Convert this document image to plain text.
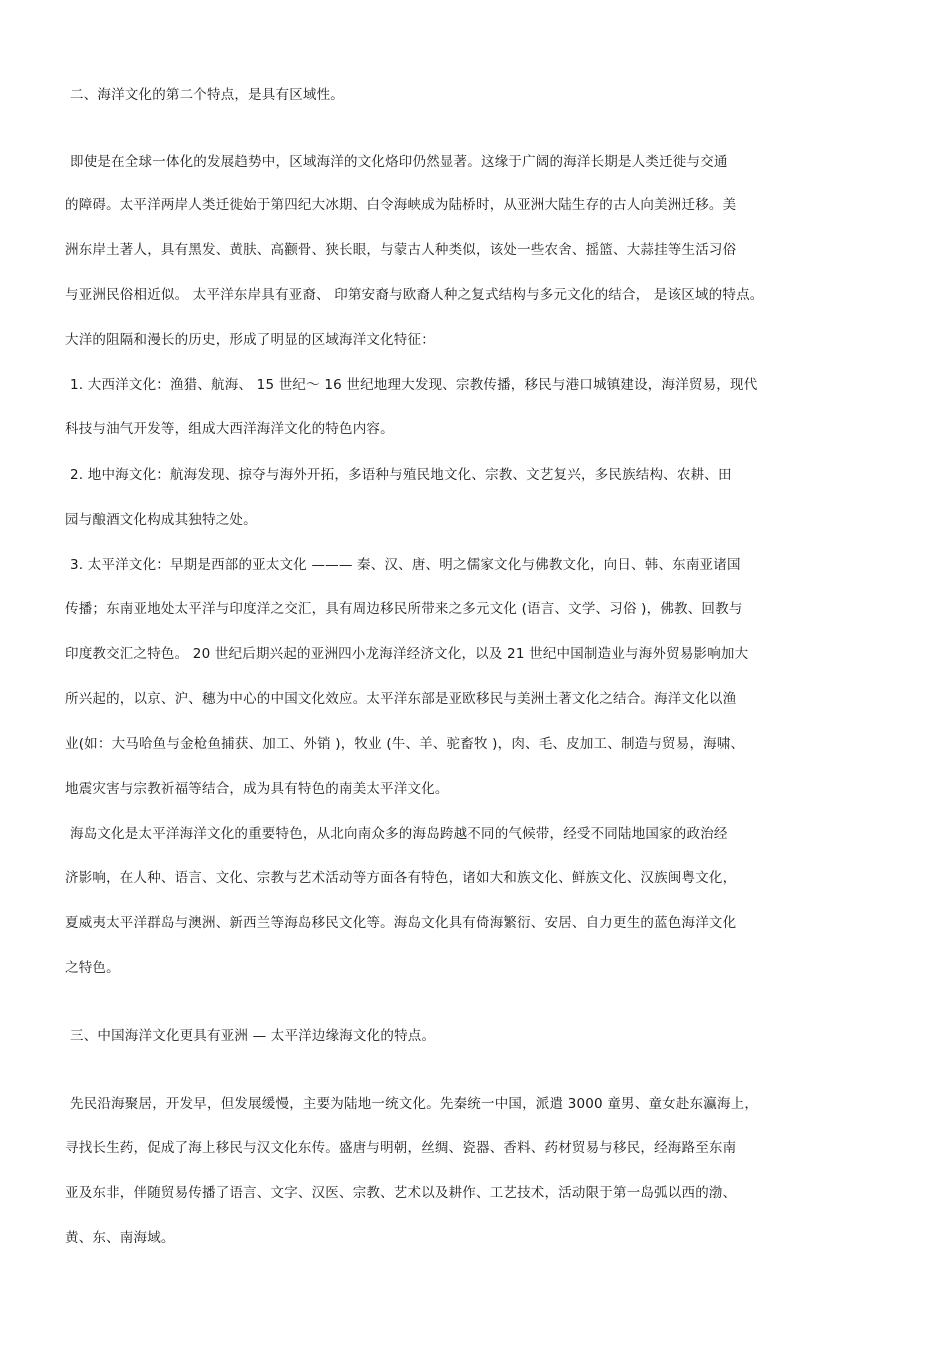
二、海洋文化的第二个特点，是具有区域性。
即使是在全球一体化的发展趋势中，区域海洋的文化烙印仍然显著。这缘于广阔的海洋长期是人类迁徙与交通
的障碍。太平洋两岸人类迁徙始于第四纪大冰期、白令海峡成为陆桥时，从亚洲大陆生存的古人向美洲迁移。美
洲东岸土著人，具有黑发、黄肤、高颧骨、狭长眼，与蒙古人种类似，该处一些农舍、摇篮、大蒜挂等生活习俗
与亚洲民俗相近似。 太平洋东岸具有亚裔、 印第安裔与欧裔人种之复式结构与多元文化的结合， 是该区域的特点。
大洋的阻隔和漫长的历史，形成了明显的区域海洋文化特征：
1. 大西洋文化：渔猎、航海、 15 世纪～ 16 世纪地理大发现、宗教传播，移民与港口城镇建设，海洋贸易，现代
科技与油气开发等，组成大西洋海洋文化的特色内容。
2. 地中海文化：航海发现、掠夺与海外开拓，多语种与殖民地文化、宗教、文艺复兴，多民族结构、农耕、田
园与酿酒文化构成其独特之处。
3. 太平洋文化：早期是西部的亚太文化 ——— 秦、汉、唐、明之儒家文化与佛教文化，向日、韩、东南亚诸国
传播；东南亚地处太平洋与印度洋之交汇，具有周边移民所带来之多元文化 (语言、文学、习俗 )，佛教、回教与
印度教交汇之特色。 20 世纪后期兴起的亚洲四小龙海洋经济文化，以及 21 世纪中国制造业与海外贸易影响加大
所兴起的，以京、沪、穗为中心的中国文化效应。太平洋东部是亚欧移民与美洲土著文化之结合。海洋文化以渔
业(如：大马哈鱼与金枪鱼捕获、加工、外销 )，牧业 (牛、羊、驼畜牧 )，肉、毛、皮加工、制造与贸易，海啸、
地震灾害与宗教祈福等结合，成为具有特色的南美太平洋文化。
海岛文化是太平洋海洋文化的重要特色，从北向南众多的海岛跨越不同的气候带，经受不同陆地国家的政治经
济影响，在人种、语言、文化、宗教与艺术活动等方面各有特色，诸如大和族文化、鲜族文化、汉族闽粤文化，
夏威夷太平洋群岛与澳洲、新西兰等海岛移民文化等。海岛文化具有倚海繁衍、安居、自力更生的蓝色海洋文化
之特色。
三、中国海洋文化更具有亚洲 — 太平洋边缘海文化的特点。
先民沿海聚居，开发早，但发展缓慢，主要为陆地一统文化。先秦统一中国，派遣 3000 童男、童女赴东瀛海上，
寻找长生药，促成了海上移民与汉文化东传。盛唐与明朝，丝绸、瓷器、香料、药材贸易与移民，经海路至东南
亚及东非，伴随贸易传播了语言、文字、汉医、宗教、艺术以及耕作、工艺技术，活动限于第一岛弧以西的渤、
黄、东、南海域。
